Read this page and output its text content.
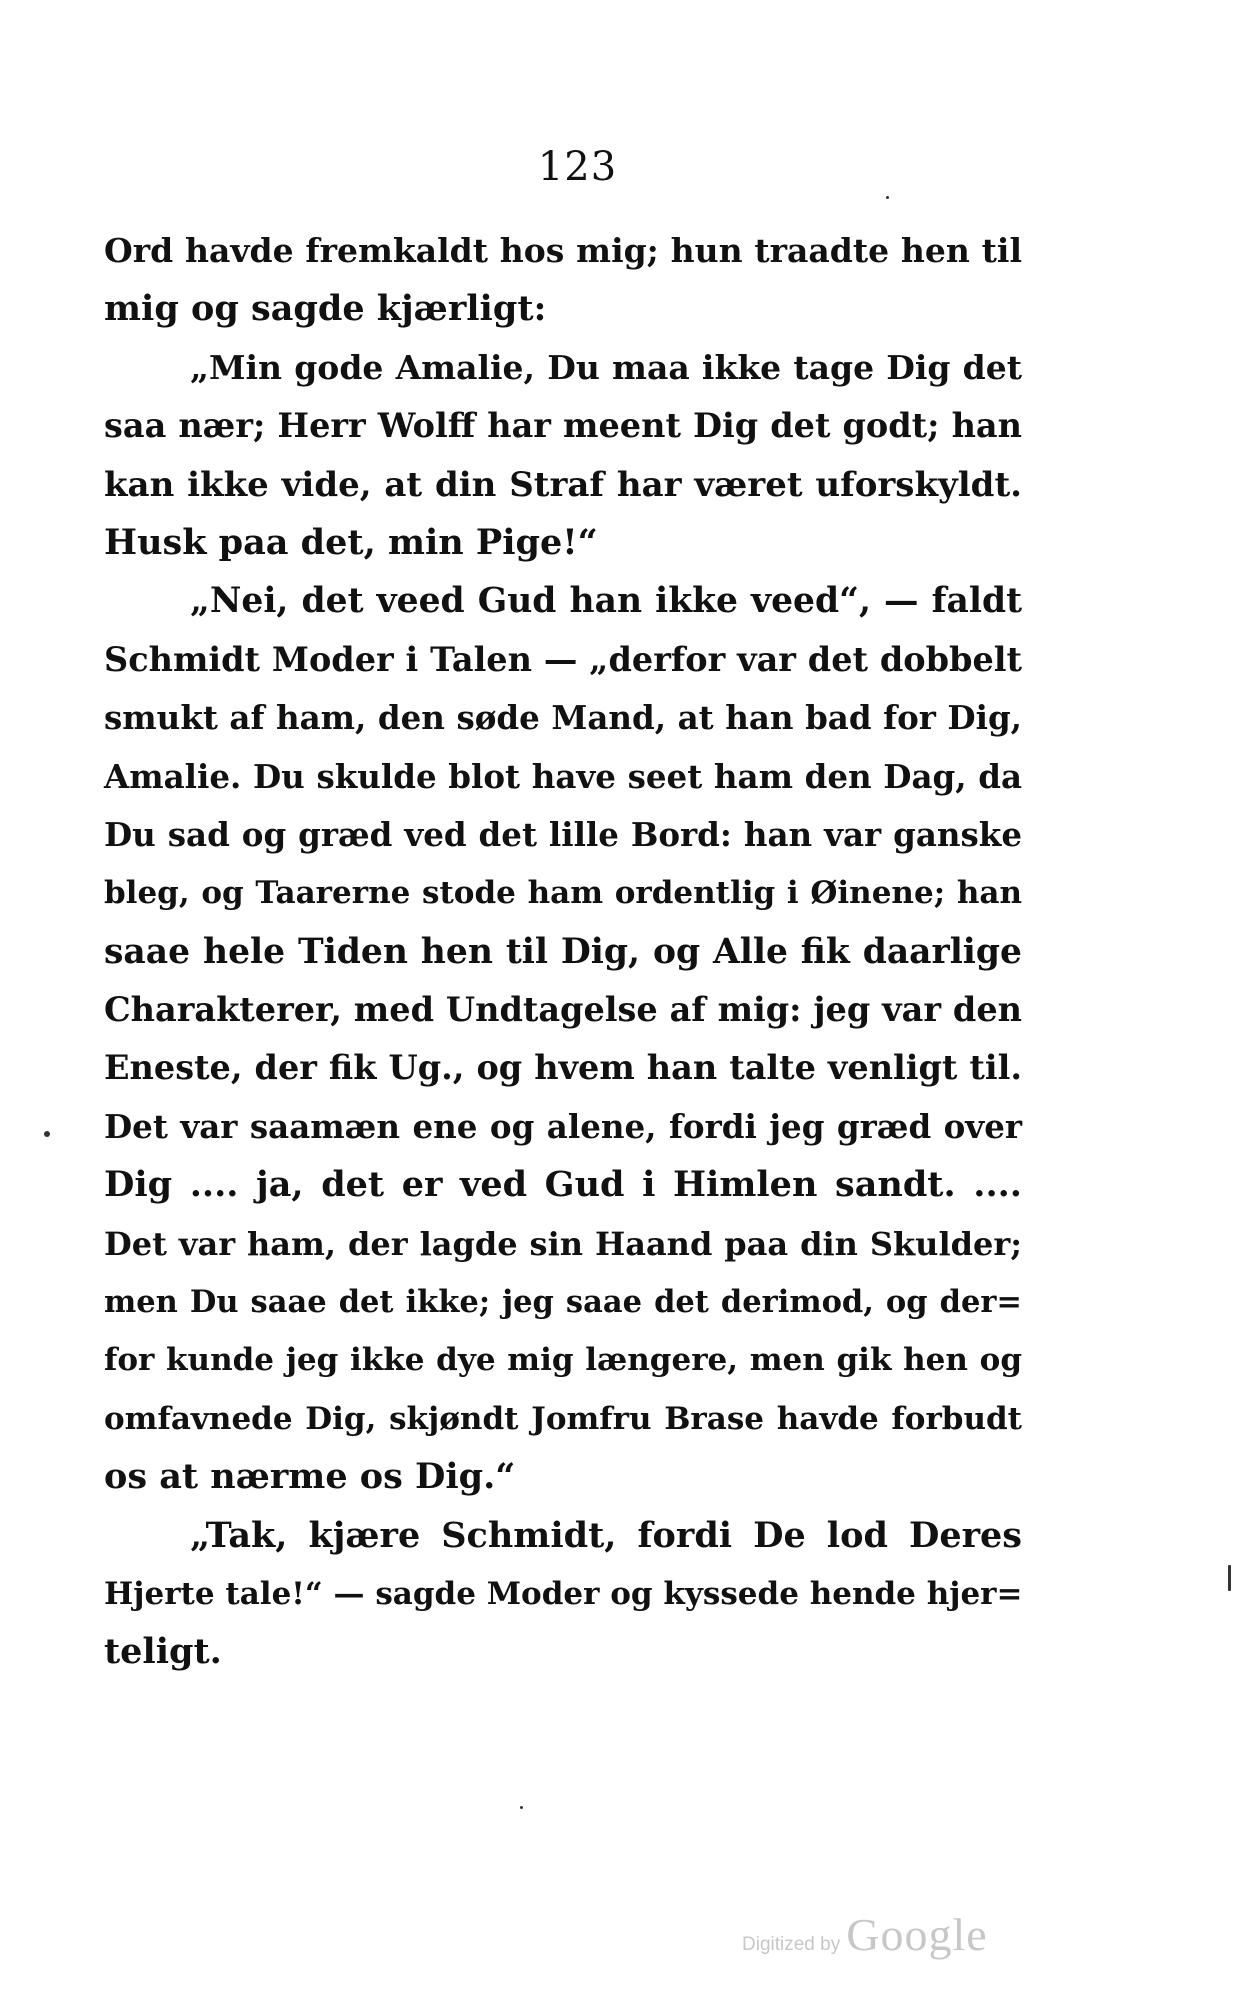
123
Ord havde fremkaldt hos mig; hun traadte hen til
mig og sagde kjærligt:
„Min gode Amalie, Du maa ikke tage Dig det
saa nær; Herr Wolff har meent Dig det godt; han
kan ikke vide, at din Straf har været uforskyldt.
Husk paa det, min Pige!“
„Nei, det veed Gud han ikke veed“, — faldt
Schmidt Moder i Talen — „derfor var det dobbelt
smukt af ham, den søde Mand, at han bad for Dig,
Amalie. Du skulde blot have seet ham den Dag, da
Du sad og græd ved det lille Bord: han var ganske
bleg, og Taarerne stode ham ordentlig i Øinene; han
saae hele Tiden hen til Dig, og Alle fik daarlige
Charakterer, med Undtagelse af mig: jeg var den
Eneste, der fik Ug., og hvem han talte venligt til.
Det var saamæn ene og alene, fordi jeg græd over
Dig .... ja, det er ved Gud i Himlen sandt. ....
Det var ham, der lagde sin Haand paa din Skulder;
men Du saae det ikke; jeg saae det derimod, og der=
for kunde jeg ikke dye mig længere, men gik hen og
omfavnede Dig, skjøndt Jomfru Brase havde forbudt
os at nærme os Dig.“
„Tak, kjære Schmidt, fordi De lod Deres
Hjerte tale!“ — sagde Moder og kyssede hende hjer=
teligt.
Digitized by Google
